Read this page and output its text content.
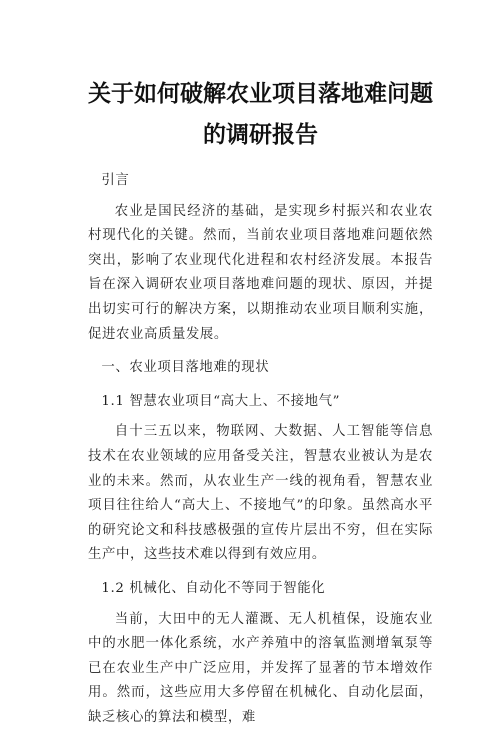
关于如何破解农业项目落地难问题的调研报告

引言

农业是国民经济的基础，是实现乡村振兴和农业农村现代化的关键。然而，当前农业项目落地难问题依然突出，影响了农业现代化进程和农村经济发展。本报告旨在深入调研农业项目落地难问题的现状、原因，并提出切实可行的解决方案，以期推动农业项目顺利实施，促进农业高质量发展。

一、农业项目落地难的现状

1.1 智慧农业项目“高大上、不接地气”

自十三五以来，物联网、大数据、人工智能等信息技术在农业领域的应用备受关注，智慧农业被认为是农业的未来。然而，从农业生产一线的视角看，智慧农业项目往往给人“高大上、不接地气”的印象。虽然高水平的研究论文和科技感极强的宣传片层出不穷，但在实际生产中，这些技术难以得到有效应用。

1.2 机械化、自动化不等同于智能化

当前，大田中的无人灌溉、无人机植保，设施农业中的水肥一体化系统，水产养殖中的溶氧监测增氧泵等已在农业生产中广泛应用，并发挥了显著的节本增效作用。然而，这些应用大多停留在机械化、自动化层面，缺乏核心的算法和模型，难
